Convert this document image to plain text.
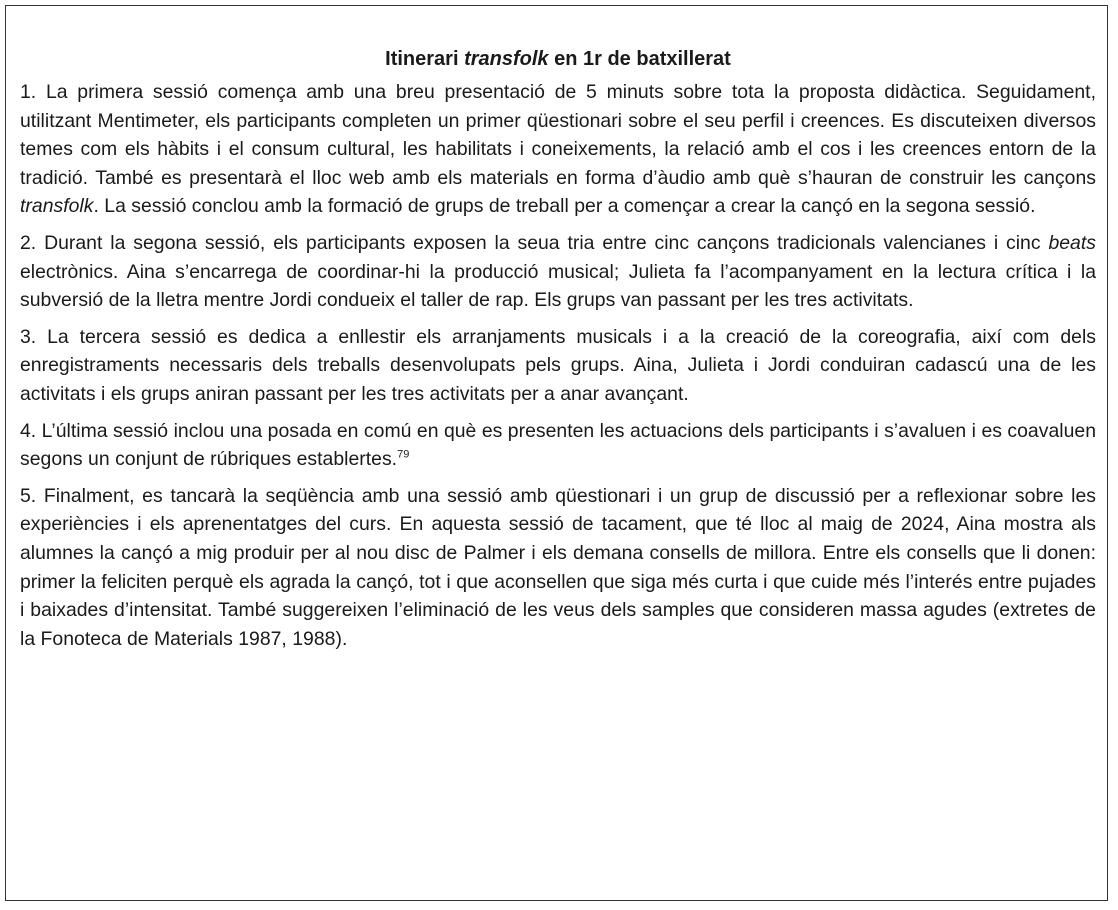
Itinerari transfolk en 1r de batxillerat

1. La primera sessió comença amb una breu presentació de 5 minuts sobre tota la proposta didàctica. Seguidament, utilitzant Mentimeter, els participants completen un primer qüestionari sobre el seu perfil i creences. Es discuteixen diversos temes com els hàbits i el consum cultural, les habilitats i coneixements, la relació amb el cos i les creences entorn de la tradició. També es presentarà el lloc web amb els materials en forma d’àudio amb què s’hauran de construir les cançons transfolk. La sessió conclou amb la formació de grups de treball per a començar a crear la cançó en la segona sessió.

2. Durant la segona sessió, els participants exposen la seua tria entre cinc cançons tradicionals valencianes i cinc beats electrònics. Aina s’encarrega de coordinar-hi la producció musical; Julieta fa l’acompanyament en la lectura crítica i la subversió de la lletra mentre Jordi condueix el taller de rap. Els grups van passant per les tres activitats.

3. La tercera sessió es dedica a enllestir els arranjaments musicals i a la creació de la coreografia, així com dels enregistraments necessaris dels treballs desenvolupats pels grups. Aina, Julieta i Jordi conduiran cadascú una de les activitats i els grups aniran passant per les tres activitats per a anar avançant.

4. L’última sessió inclou una posada en comú en què es presenten les actuacions dels participants i s’avaluen i es coavaluen segons un conjunt de rúbriques establertes.$^{79}$

5. Finalment, es tancarà la seqüència amb una sessió amb qüestionari i un grup de discussió per a reflexionar sobre les experiències i els aprenentatges del curs. En aquesta sessió de tacament, que té lloc al maig de 2024, Aina mostra als alumnes la cançó a mig produir per al nou disc de Palmer i els demana consells de millora. Entre els consells que li donen: primer la feliciten perquè els agrada la cançó, tot i que aconsellen que siga més curta i que cuide més l’interés entre pujades i baixades d’intensitat. També suggereixen l’eliminació de les veus dels samples que consideren massa agudes (extretes de la Fonoteca de Materials 1987, 1988).
